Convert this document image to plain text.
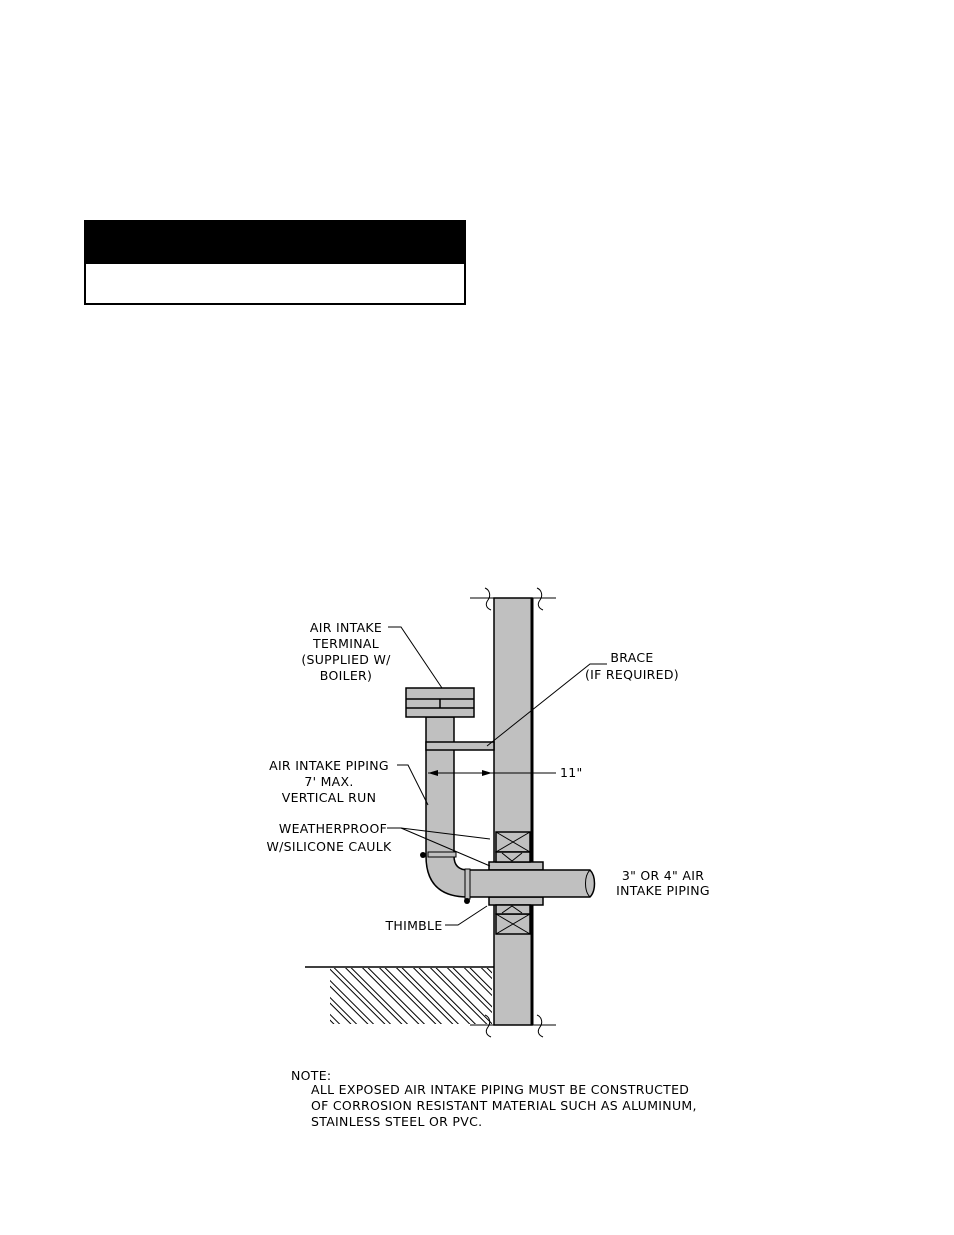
AIR INTAKE
TERMINAL
(SUPPLIED W/
BOILER)
BRACE
(IF REQUIRED)
AIR INTAKE PIPING
7' MAX.
VERTICAL RUN
11"
WEATHERPROOF
W/SILICONE CAULK
3" OR 4" AIR
INTAKE PIPING
THIMBLE
NOTE:
ALL EXPOSED AIR INTAKE PIPING MUST BE CONSTRUCTED
OF CORROSION RESISTANT MATERIAL SUCH AS ALUMINUM,
STAINLESS STEEL OR PVC.
